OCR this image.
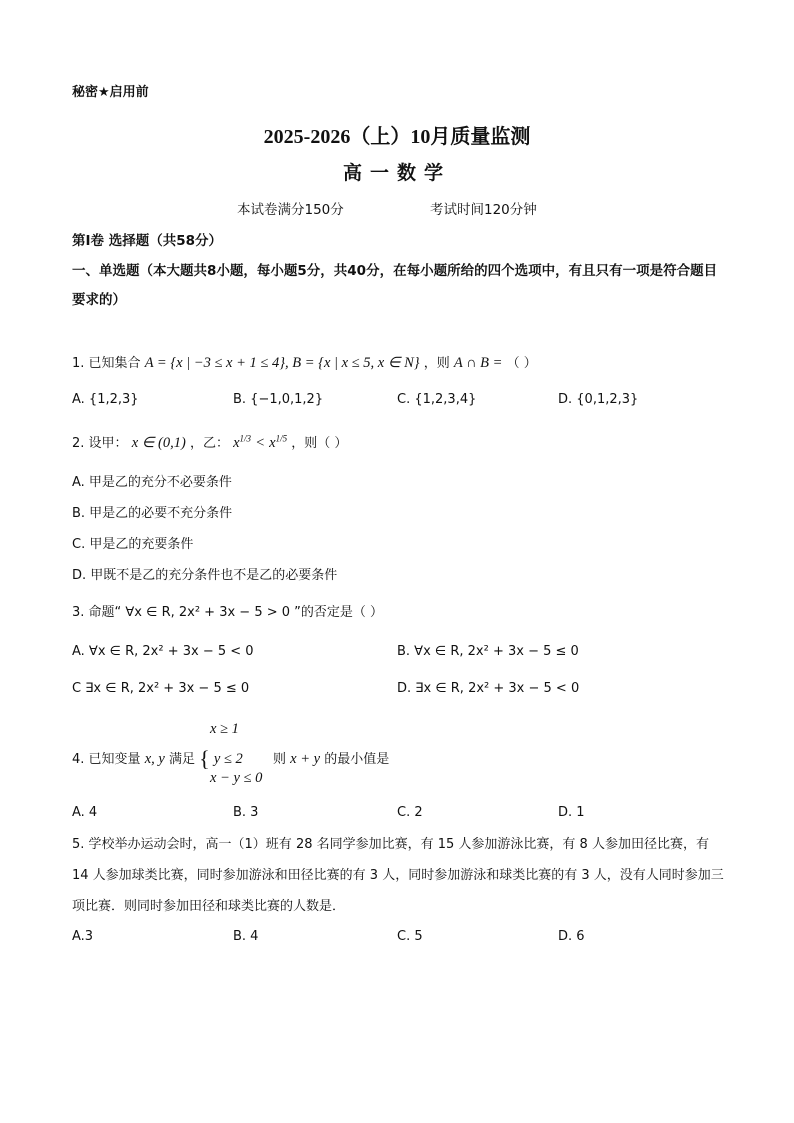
秘密★启用前
2025-2026（上）10月质量监测
高一数学
本试卷满分150分	考试时间120分钟
第Ⅰ卷 选择题（共58分）
一、单选题（本大题共8小题，每小题5分，共40分，在每小题所给的四个选项中，有且只有一项是符合题目要求的）
1. 已知集合 A = {x | −3 ≤ x + 1 ≤ 4}, B = {x | x ≤ 5, x ∈ N} ，则 A ∩ B = （ ）
A. {1,2,3}	B. {−1,0,1,2}	C. {1,2,3,4}	D. {0,1,2,3}
2. 设甲： x ∈ (0,1) ，乙： $x^{1/3} < x^{1/5}$ ，则（ ）
A. 甲是乙的充分不必要条件
B. 甲是乙的必要不充分条件
C. 甲是乙的充要条件
D. 甲既不是乙的充分条件也不是乙的必要条件
3. 命题“ ∀x ∈ R, 2x² + 3x − 5 > 0 ”的否定是（ ）
A. ∀x ∈ R, 2x² + 3x − 5 < 0	B. ∀x ∈ R, 2x² + 3x − 5 ≤ 0
C ∃x ∈ R, 2x² + 3x − 5 ≤ 0	D. ∃x ∈ R, 2x² + 3x − 5 < 0
x ≥ 1
4. 已知变量 x, y 满足 { y ≤ 2 则 x + y 的最小值是
x − y ≤ 0
A. 4	B. 3	C. 2	D. 1
5. 学校举办运动会时，高一（1）班有 28 名同学参加比赛，有 15 人参加游泳比赛，有 8 人参加田径比赛，有 14 人参加球类比赛，同时参加游泳和田径比赛的有 3 人，同时参加游泳和球类比赛的有 3 人，没有人同时参加三项比赛．则同时参加田径和球类比赛的人数是．
A.3	B. 4	C. 5	D. 6
